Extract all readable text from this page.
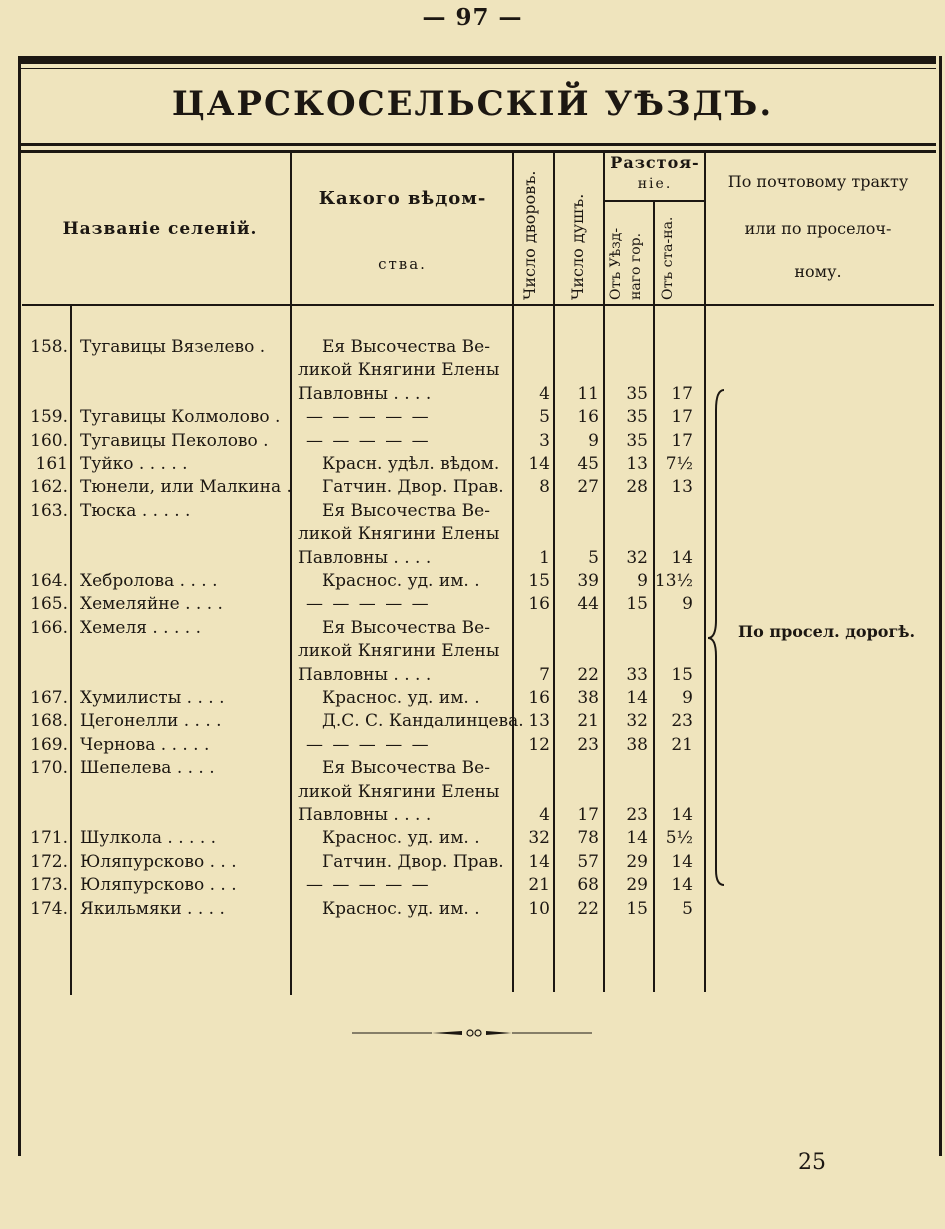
— 97 —
ЦАРСКОСЕЛЬСКІЙ УѢЗДЪ.
Названіе селеній.
Какого вѣдом-
ства.	Число дворовъ. Число душъ.
Разстоя-
ніе.
Отъ Уѣзд-нaго гор.	Отъ ста-на.
По почтовому тракту
или по проселоч-
ному.
158. Тугавицы Вязелево .	Ея Высочества Ве-
ликой Княгини Елены
Павловны . . . .	4	11	35	17
159. Тугавицы Колмолово .	— — — — —	5	16	35	17
160. Тугавицы Пеколово .	— — — — —	3	9	35	17
161 Туйко . . . . .	Красн. удѣл. вѣдом.	14	45	13	7½
162. Тюнели, или Малкина .	Гатчин. Двор. Прав.	8	27	28	13
163. Тюска . . . . .	Ея Высочества Ве-
ликой Княгини Елены
Павловны . . . .	1	5	32	14
164. Хебролова . . . .	Краснос. уд. им. .	15	39	9 13½
165. Хемеляйне . . . .	— — — — —	16	44	15	9
166. Хемеля . . . . .	Ея Высочества Ве-
ликой Княгини Елены
Павловны . . . .	7	22	33	15
167. Хумилисты . . . .	Краснос. уд. им. .	16	38	14	9
168. Цегонелли . . . .	Д.С. С. Кандалинцева. 13	21	32	23
169. Чернова . . . . .	— — — — —	12	23	38	21
170. Шепелева . . . .	Ея Высочества Ве-
ликой Княгини Елены
Павловны . . . .	4	17	23	14
171. Шулкола . . . . .	Краснос. уд. им. .	32	78	14	5½
172. Юляпурсково . . .	Гатчин. Двор. Прав.	14	57	29	14
173. Юляпурсково . . .	— — — — —	21	68	29	14
174. Якильмяки . . . .	Краснос. уд. им. .	10	22	15	5
По просел. дорогѣ.
25
